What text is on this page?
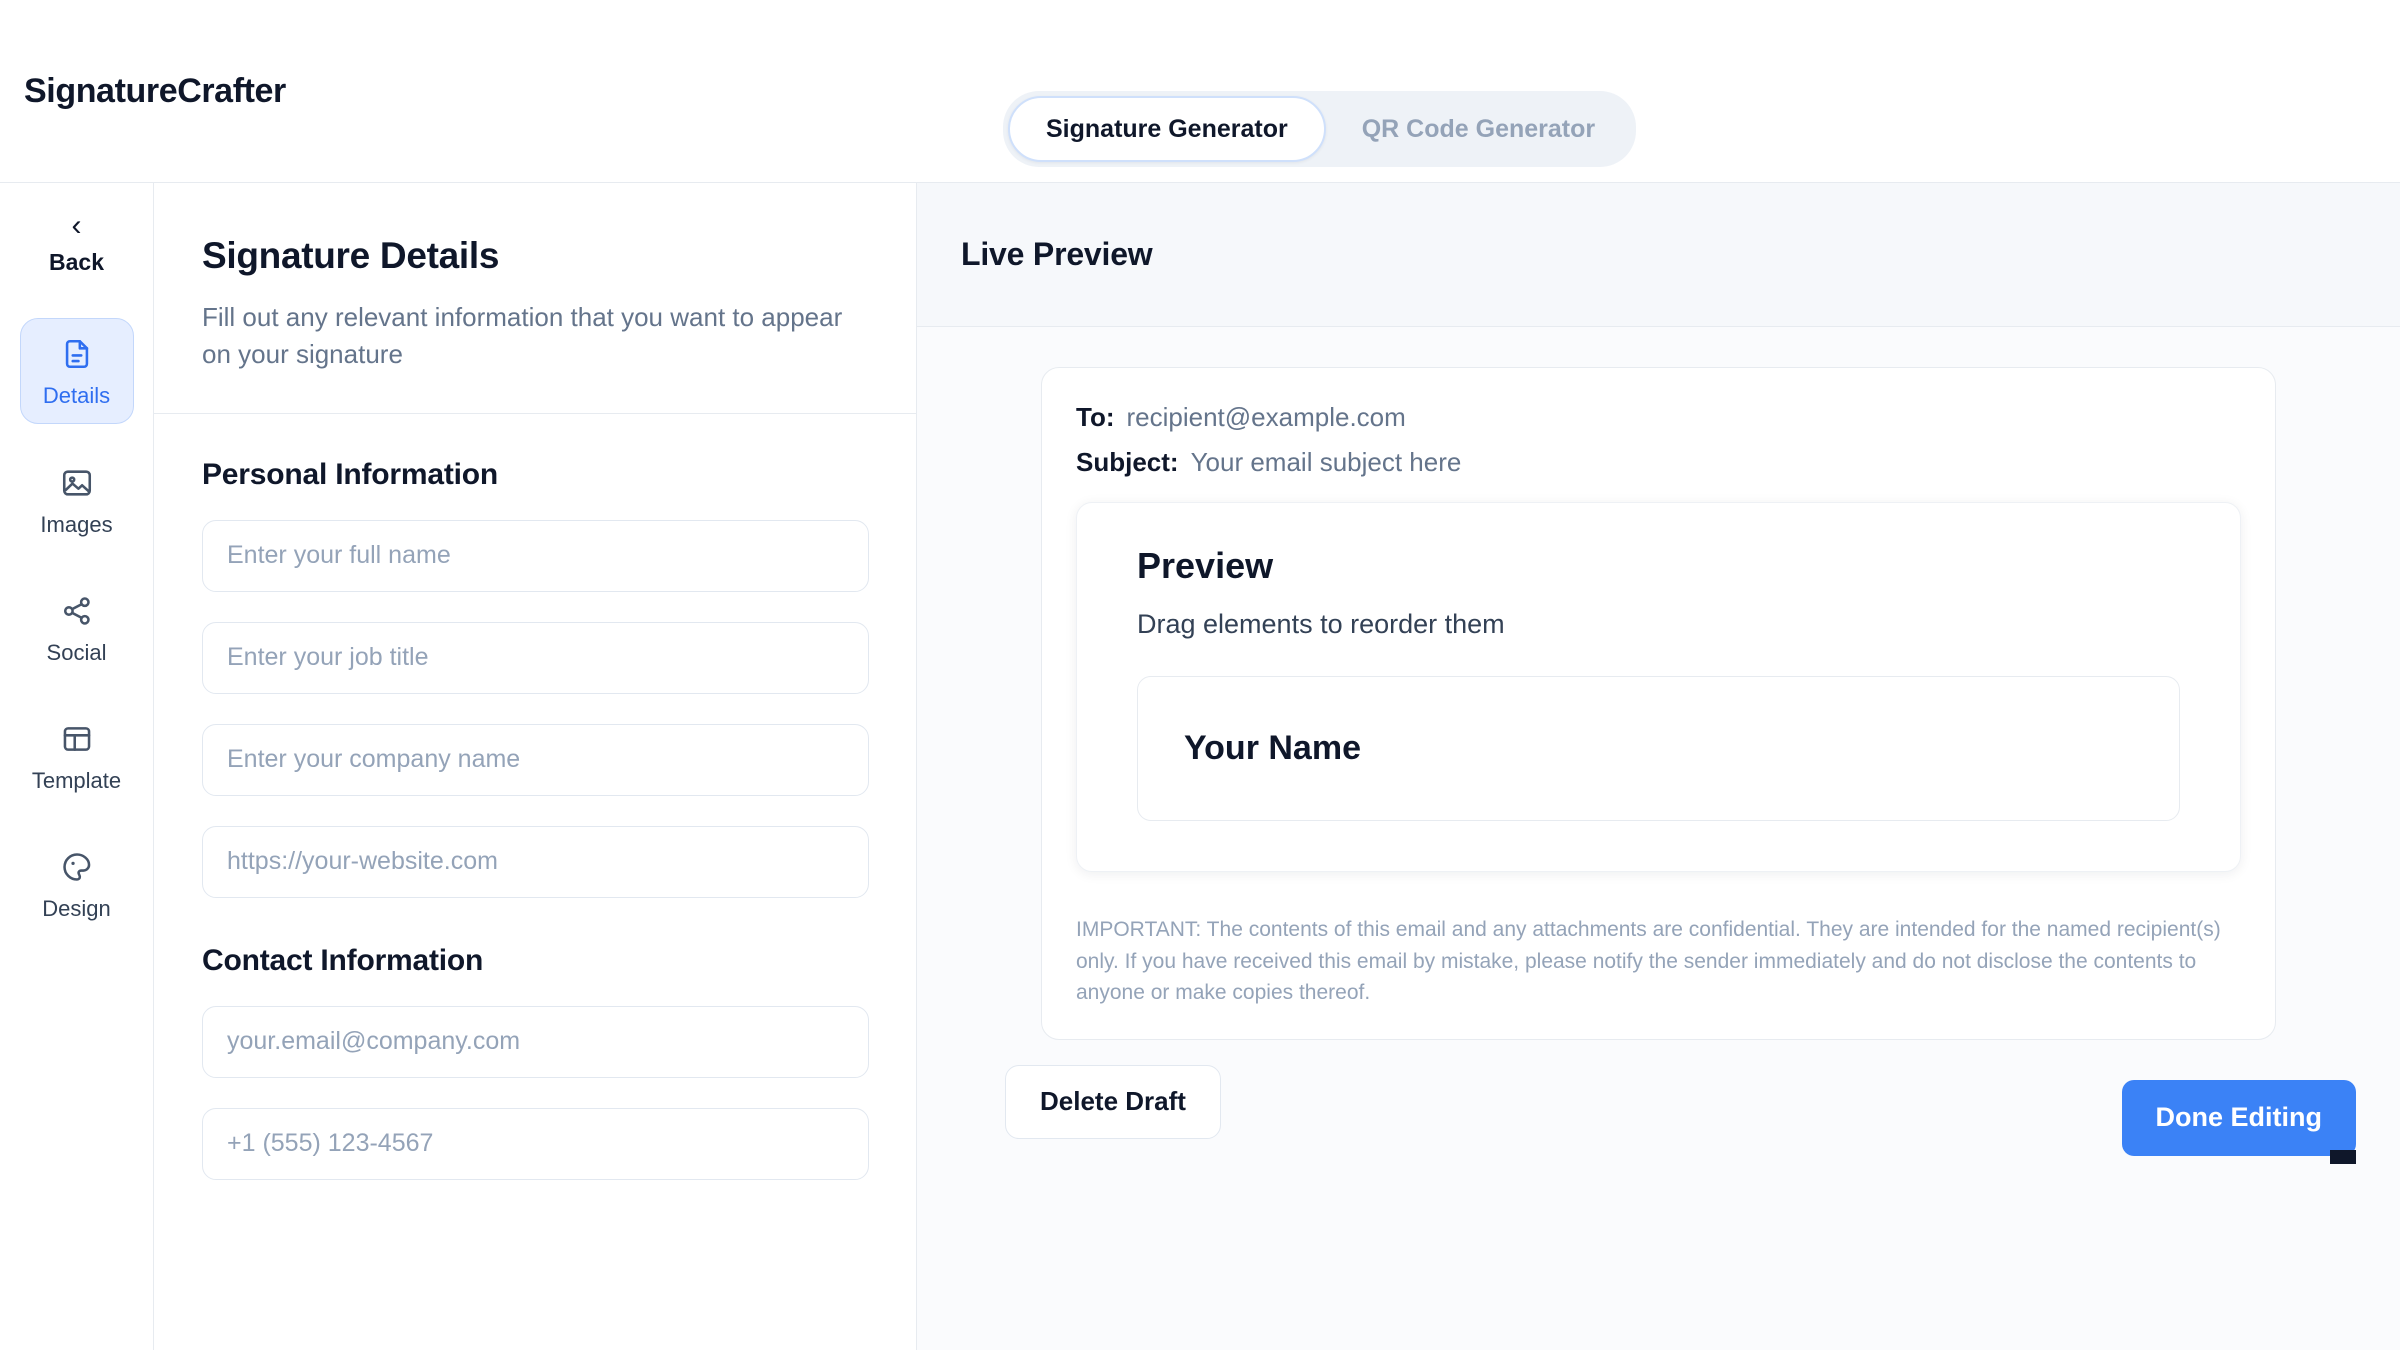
SignatureCrafter
Signature Generator	QR Code Generator
‹
Back
Details
Images
Social
Template
Design
Signature Details
Fill out any relevant information that you want to appear on your signature
Personal Information
Enter your full name
Enter your job title
Enter your company name
https://your-website.com
Contact Information
your.email@company.com
+1 (555) 123-4567
Live Preview
To: recipient@example.com
Subject: Your email subject here
Preview
Drag elements to reorder them
Your Name
IMPORTANT: The contents of this email and any attachments are confidential. They are intended for the named recipient(s) only. If you have received this email by mistake, please notify the sender immediately and do not disclose the contents to anyone or make copies thereof.
Delete Draft
Done Editing
